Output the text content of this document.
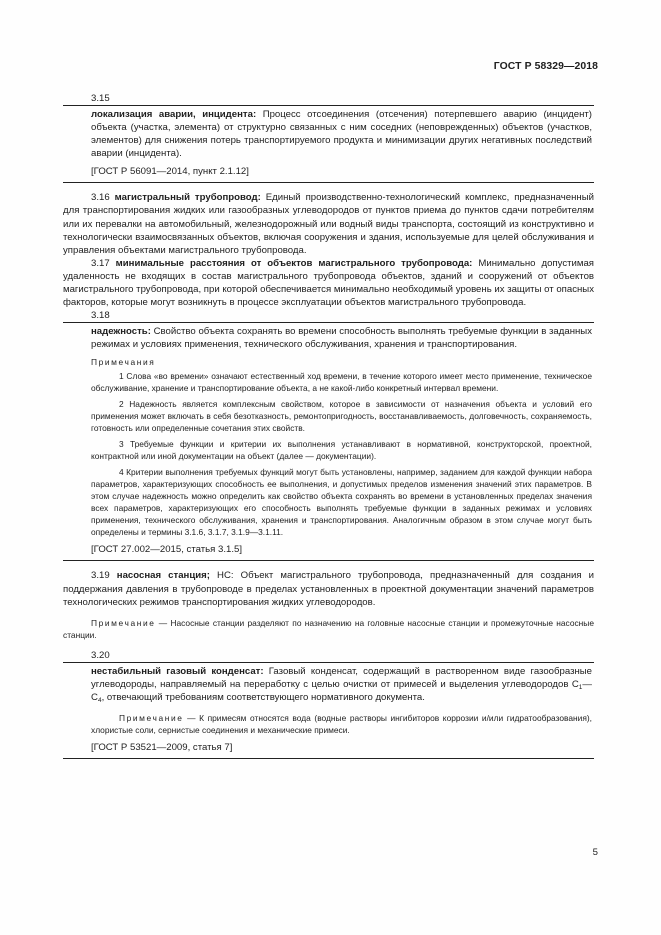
ГОСТ Р 58329—2018

3.15

локализация аварии, инцидента: Процесс отсоединения (отсечения) потерпевшего аварию (инцидент) объекта (участка, элемента) от структурно связанных с ним соседних (неповрежденных) объектов (участков, элементов) для снижения потерь транспортируемого продукта и минимизации других негативных последствий аварии (инцидента).

[ГОСТ Р 56091—2014, пункт 2.1.12]

3.16 магистральный трубопровод: Единый производственно-технологический комплекс, предназначенный для транспортирования жидких или газообразных углеводородов от пунктов приема до пунктов сдачи потребителям или их перевалки на автомобильный, железнодорожный или водный виды транспорта, состоящий из конструктивно и технологически взаимосвязанных объектов, включая сооружения и здания, используемые для целей обслуживания и управления объектами магистрального трубопровода.

3.17 минимальные расстояния от объектов магистрального трубопровода: Минимально допустимая удаленность не входящих в состав магистрального трубопровода объектов, зданий и сооружений от объектов магистрального трубопровода, при которой обеспечивается минимально необходимый уровень их защиты от опасных факторов, которые могут возникнуть в процессе эксплуатации объектов магистрального трубопровода.

3.18

надежность: Свойство объекта сохранять во времени способность выполнять требуемые функции в заданных режимах и условиях применения, технического обслуживания, хранения и транспортирования.

Примечания

1 Слова «во времени» означают естественный ход времени, в течение которого имеет место применение, техническое обслуживание, хранение и транспортирование объекта, а не какой-либо конкретный интервал времени.

2 Надежность является комплексным свойством, которое в зависимости от назначения объекта и условий его применения может включать в себя безотказность, ремонтопригодность, восстанавливаемость, долговечность, сохраняемость, готовность или определенные сочетания этих свойств.

3 Требуемые функции и критерии их выполнения устанавливают в нормативной, конструкторской, проектной, контрактной или иной документации на объект (далее — документации).

4 Критерии выполнения требуемых функций могут быть установлены, например, заданием для каждой функции набора параметров, характеризующих способность ее выполнения, и допустимых пределов изменения значений этих параметров. В этом случае надежность можно определить как свойство объекта сохранять во времени в установленных пределах значения всех параметров, характеризующих его способность выполнять требуемые функции в заданных режимах и условиях применения, технического обслуживания, хранения и транспортирования. Аналогичным образом в этом случае могут быть определены и термины 3.1.6, 3.1.7, 3.1.9—3.1.11.

[ГОСТ 27.002—2015, статья 3.1.5]

3.19 насосная станция; НС: Объект магистрального трубопровода, предназначенный для создания и поддержания давления в трубопроводе в пределах установленных в проектной документации значений параметров технологических режимов транспортирования жидких углеводородов.

Примечание — Насосные станции разделяют по назначению на головные насосные станции и промежуточные насосные станции.

3.20

нестабильный газовый конденсат: Газовый конденсат, содержащий в растворенном виде газообразные углеводороды, направляемый на переработку с целью очистки от примесей и выделения углеводородов $C_1—C_4$, отвечающий требованиям соответствующего нормативного документа.

Примечание — К примесям относятся вода (водные растворы ингибиторов коррозии и/или гидратообразования), хлористые соли, сернистые соединения и механические примеси.

[ГОСТ Р 53521—2009, статья 7]

5
